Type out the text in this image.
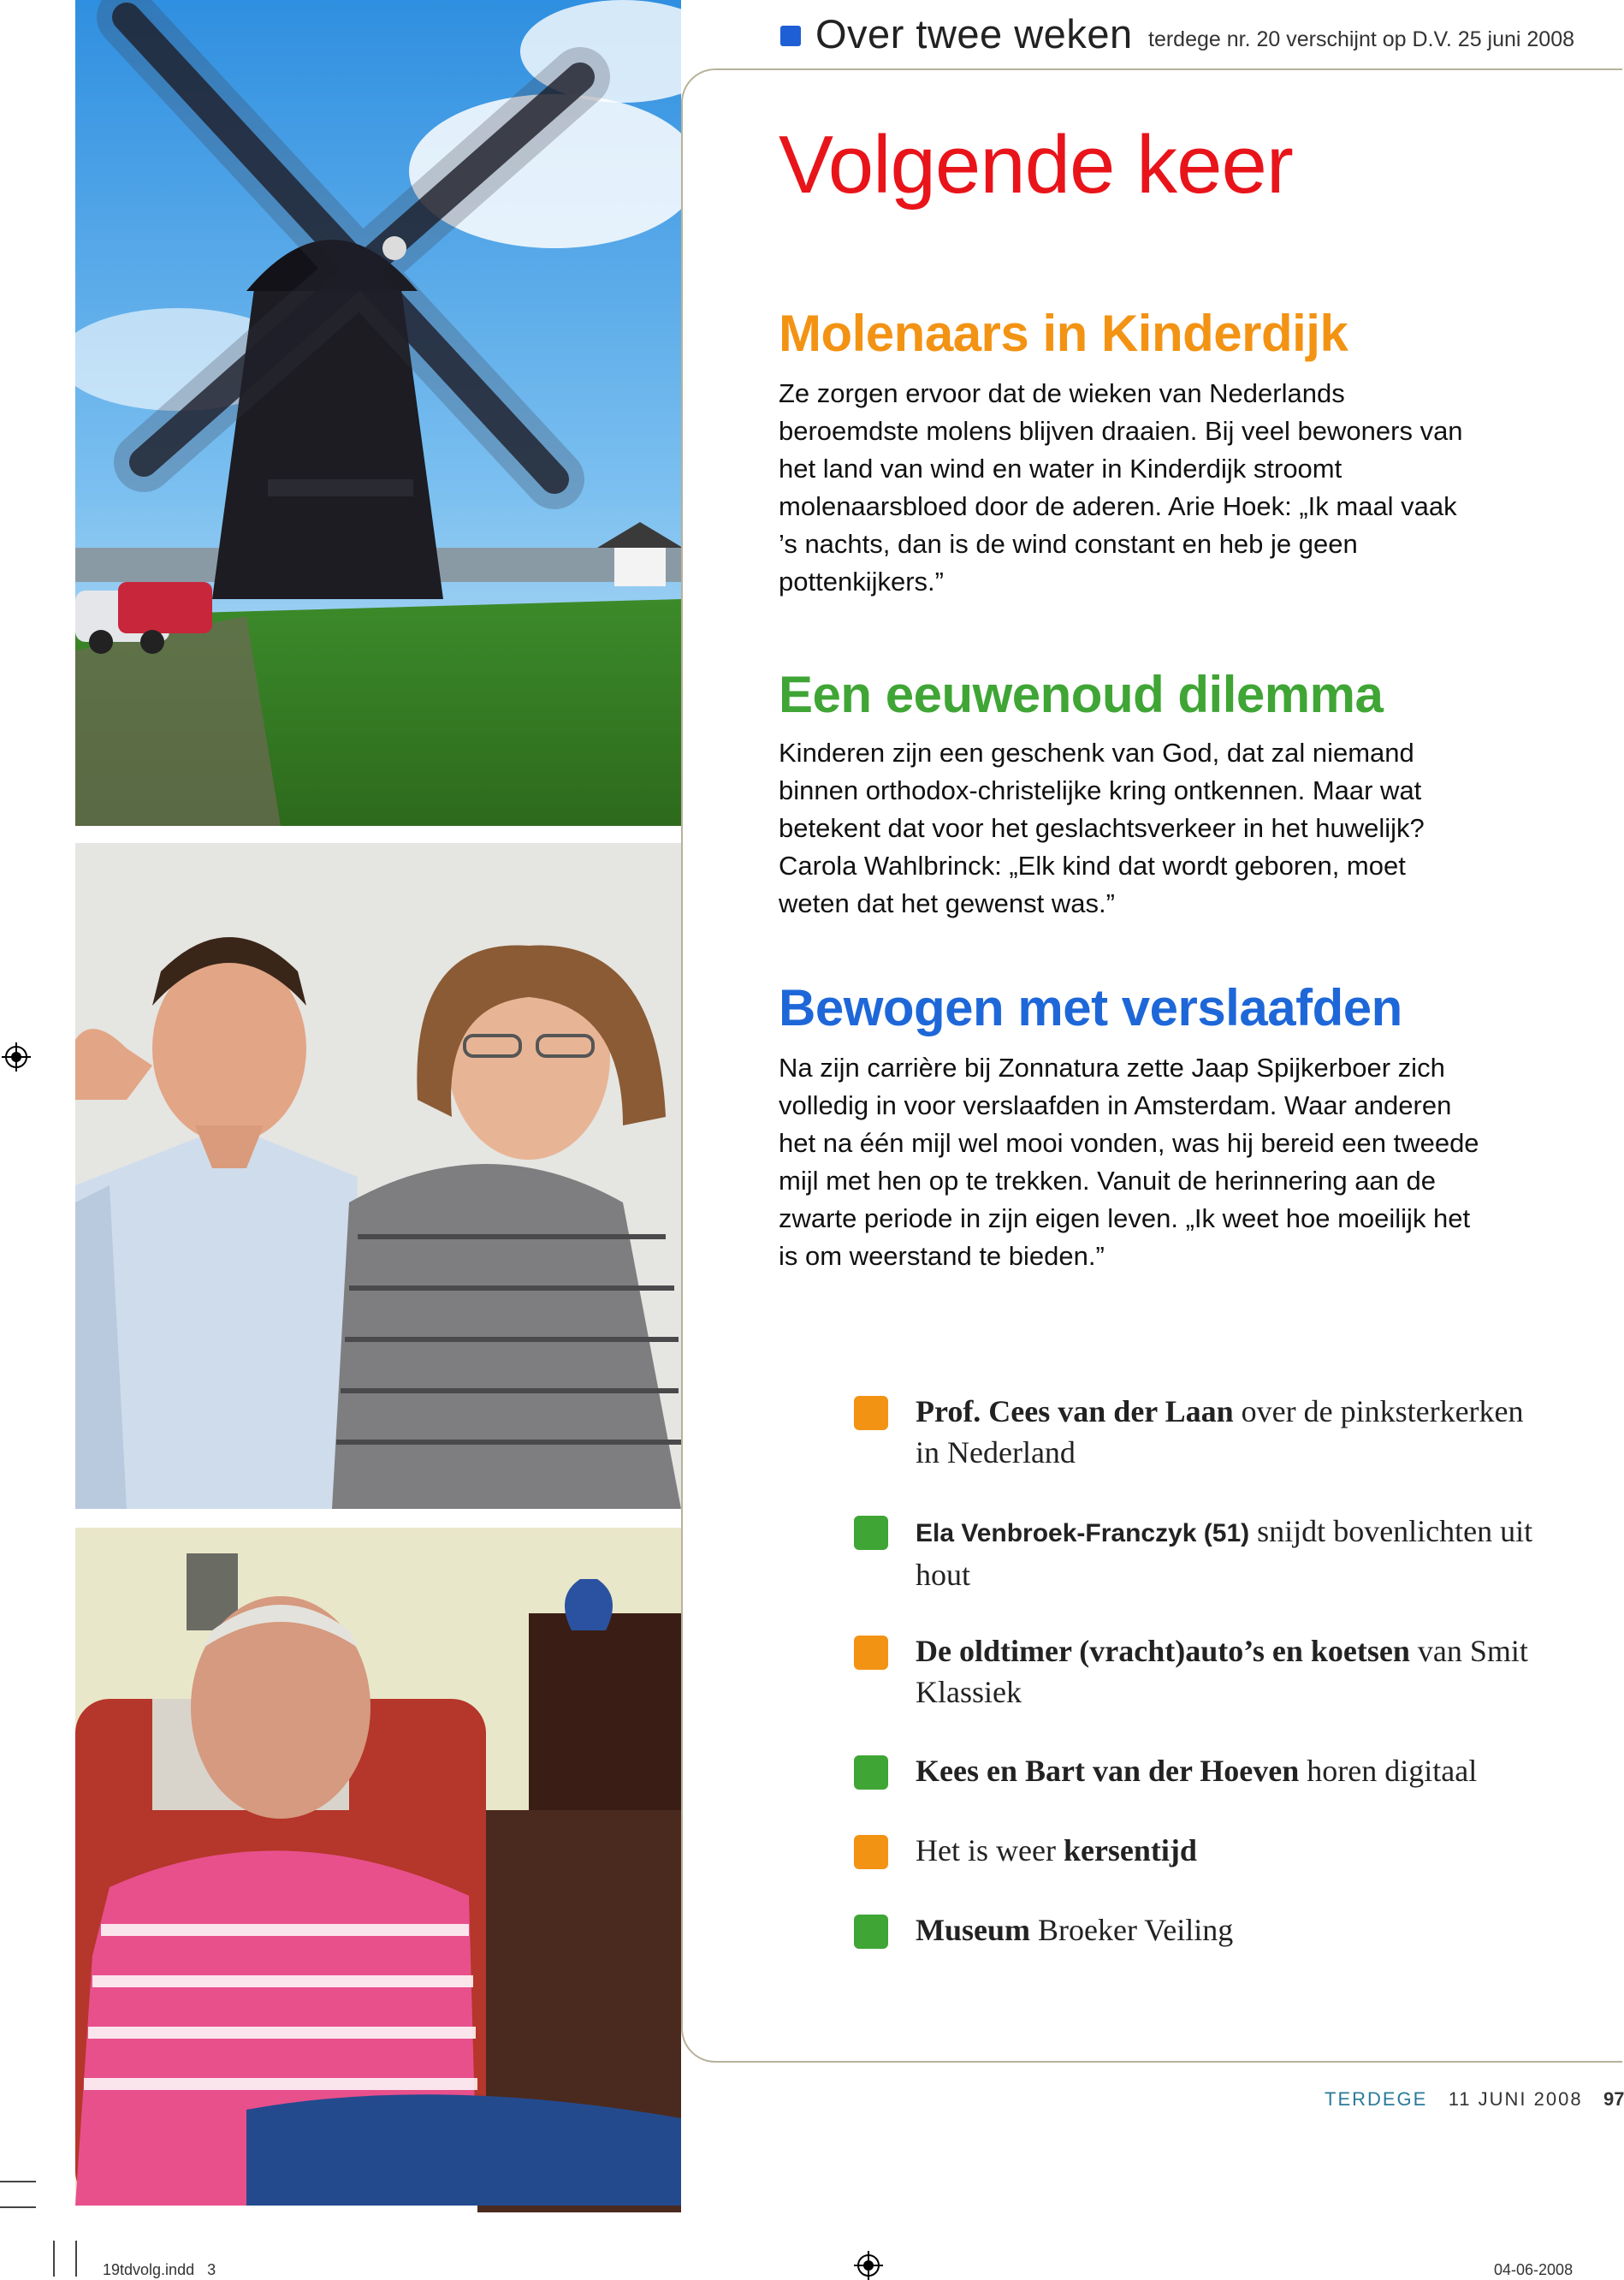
Over twee weken terdege nr. 20 verschijnt op D.V. 25 juni 2008
Volgende keer
Molenaars in Kinderdijk
Ze zorgen ervoor dat de wieken van Nederlands beroemdste molens blijven draaien. Bij veel bewoners van het land van wind en water in Kinderdijk stroomt molenaarsbloed door de aderen. Arie Hoek: „Ik maal vaak ’s nachts, dan is de wind constant en heb je geen pottenkijkers.”
Een eeuwenoud dilemma
Kinderen zijn een geschenk van God, dat zal niemand binnen orthodox-christelijke kring ontkennen. Maar wat betekent dat voor het geslachtsverkeer in het huwelijk? Carola Wahlbrinck: „Elk kind dat wordt geboren, moet weten dat het gewenst was.”
Bewogen met verslaafden
Na zijn carrière bij Zonnatura zette Jaap Spijkerboer zich volledig in voor verslaafden in Amsterdam. Waar anderen het na één mijl wel mooi vonden, was hij bereid een tweede mijl met hen op te trekken. Vanuit de herinnering aan de zwarte periode in zijn eigen leven. „Ik weet hoe moeilijk het is om weerstand te bieden.”
Prof. Cees van der Laan over de pinksterkerken in Nederland
Ela Venbroek-Franczyk (51) snijdt bovenlichten uit hout
De oldtimer (vracht)auto’s en koetsen van Smit Klassiek
Kees en Bart van der Hoeven horen digitaal
Het is weer kersentijd
Museum Broeker Veiling
TERDEGE 11 JUNI 2008 97
19tdvolg.indd   3	04-06-2008
